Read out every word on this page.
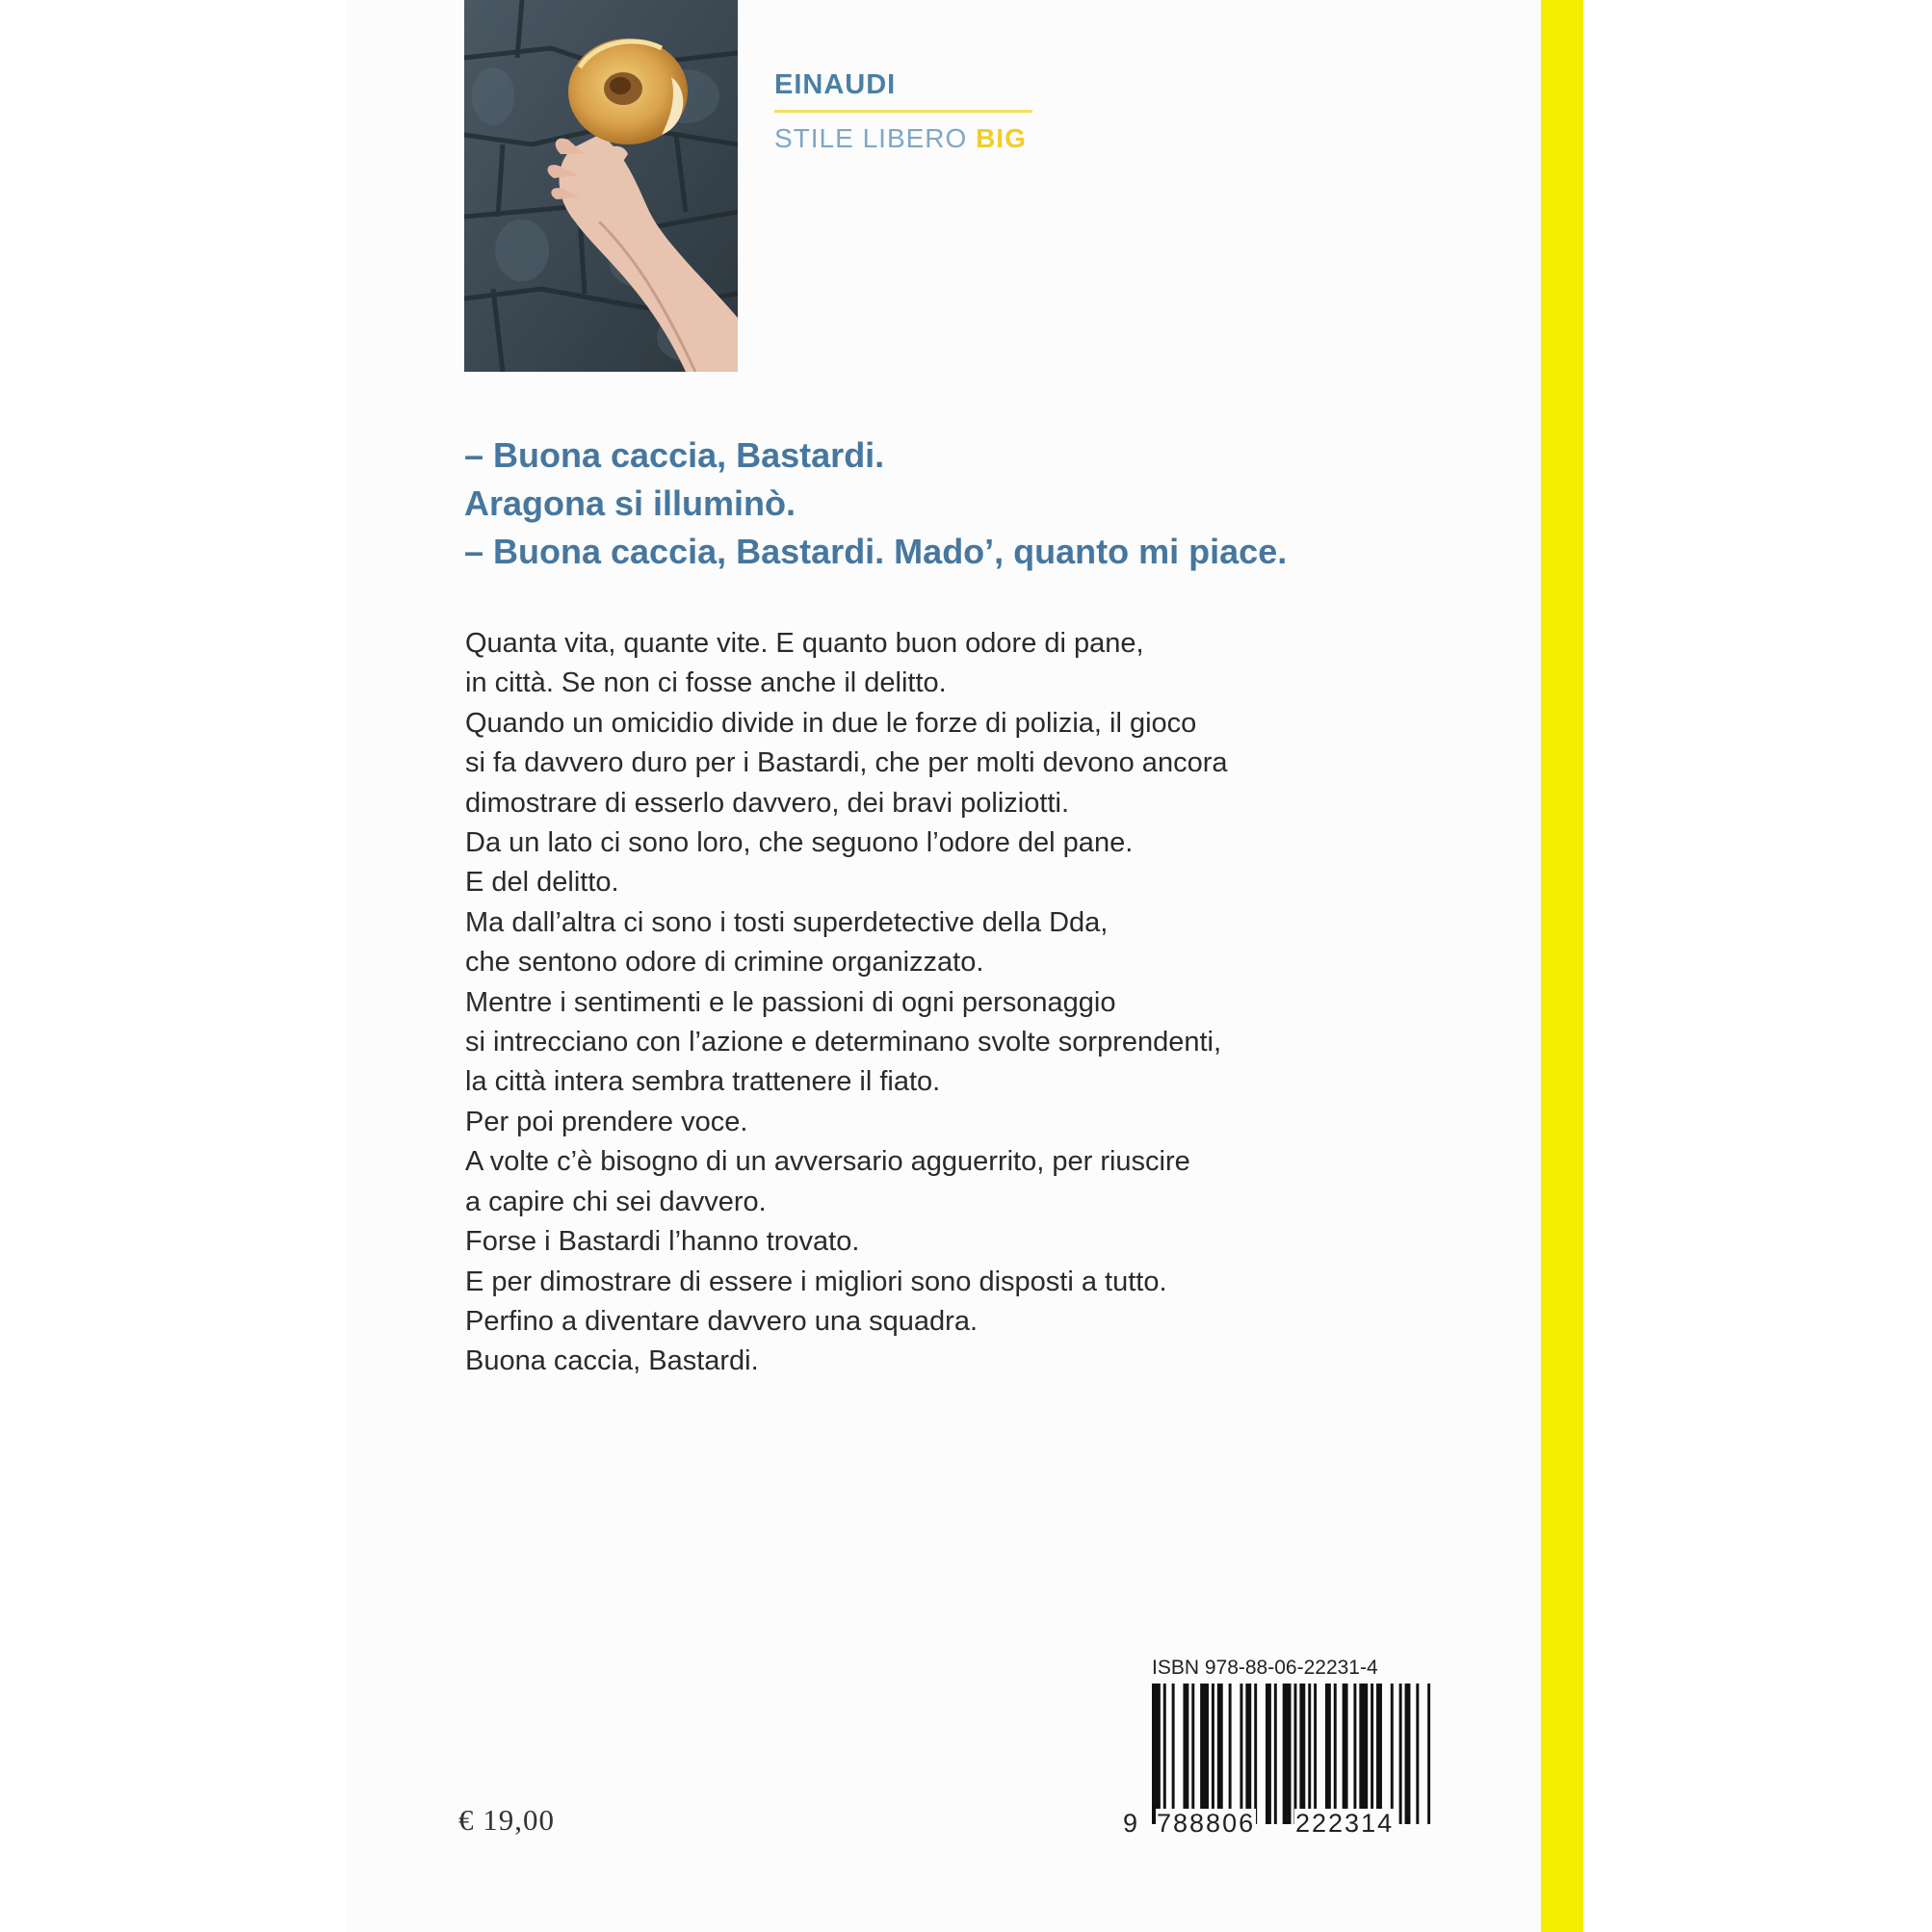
EINAUDI
STILE LIBERO BIG
– Buona caccia, Bastardi.
Aragona si illuminò.
– Buona caccia, Bastardi. Mado’, quanto mi piace.
Quanta vita, quante vite. E quanto buon odore di pane,
in città. Se non ci fosse anche il delitto.
Quando un omicidio divide in due le forze di polizia, il gioco
si fa davvero duro per i Bastardi, che per molti devono ancora
dimostrare di esserlo davvero, dei bravi poliziotti.
Da un lato ci sono loro, che seguono l’odore del pane.
E del delitto.
Ma dall’altra ci sono i tosti superdetective della Dda,
che sentono odore di crimine organizzato.
Mentre i sentimenti e le passioni di ogni personaggio
si intrecciano con l’azione e determinano svolte sorprendenti,
la città intera sembra trattenere il fiato.
Per poi prendere voce.
A volte c’è bisogno di un avversario agguerrito, per riuscire
a capire chi sei davvero.
Forse i Bastardi l’hanno trovato.
E per dimostrare di essere i migliori sono disposti a tutto.
Perfino a diventare davvero una squadra.
Buona caccia, Bastardi.
€ 19,00
ISBN 978-88-06-22231-4
9 788806 222314
